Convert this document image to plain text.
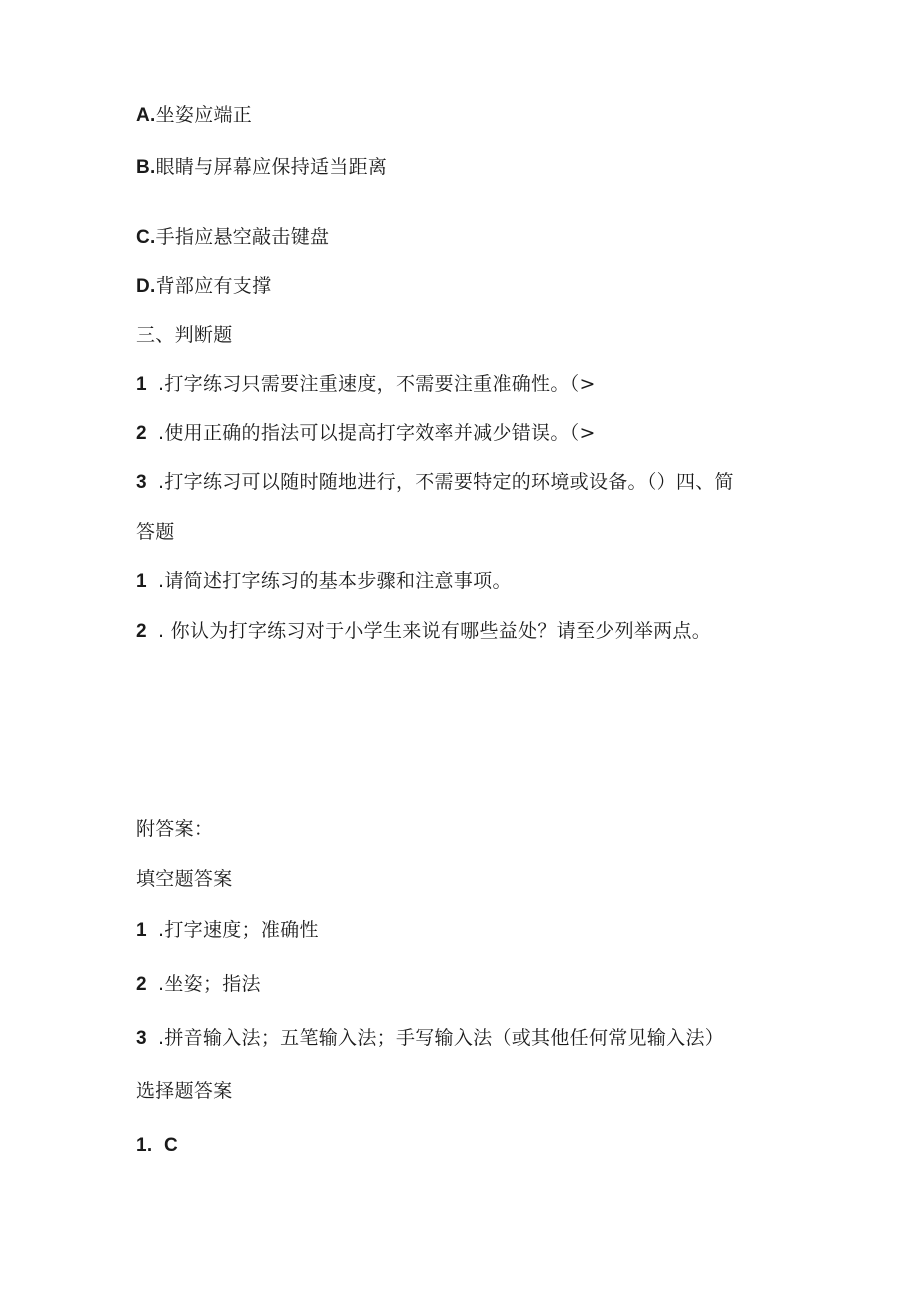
A.坐姿应端正
B.眼睛与屏幕应保持适当距离
C.手指应悬空敲击键盘
D.背部应有支撑
三、判断题
1 .打字练习只需要注重速度，不需要注重准确性。（>
2 .使用正确的指法可以提高打字效率并减少错误。（>
3 .打字练习可以随时随地进行，不需要特定的环境或设备。（）四、简
答题
1 .请简述打字练习的基本步骤和注意事项。
2 . 你认为打字练习对于小学生来说有哪些益处？请至少列举两点。
附答案：
填空题答案
1 .打字速度；准确性
2 .坐姿；指法
3 .拼音输入法；五笔输入法；手写输入法（或其他任何常见输入法）
选择题答案
1. C
